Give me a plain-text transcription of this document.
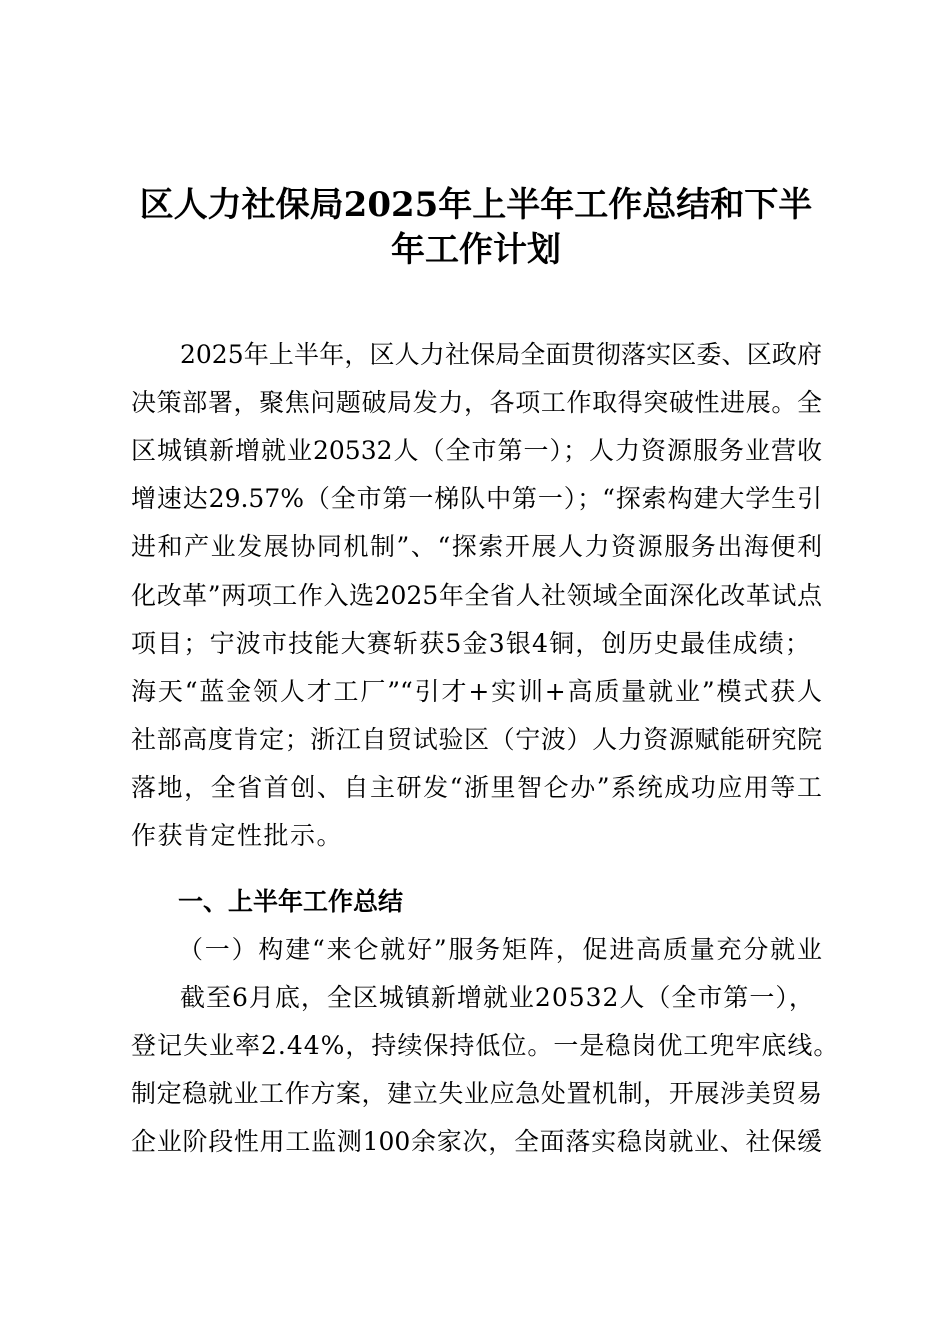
区人力社保局2025年上半年工作总结和下半
年工作计划
2025年上半年，区人力社保局全面贯彻落实区委、区政府
决策部署，聚焦问题破局发力，各项工作取得突破性进展。全
区城镇新增就业20532人（全市第一）；人力资源服务业营收
增速达29.57%（全市第一梯队中第一）；“探索构建大学生引
进和产业发展协同机制”、“探索开展人力资源服务出海便利
化改革”两项工作入选2025年全省人社领域全面深化改革试点
项目；宁波市技能大赛斩获5金3银4铜，创历史最佳成绩；
海天“蓝金领人才工厂”“引才+实训+高质量就业”模式获人
社部高度肯定；浙江自贸试验区（宁波）人力资源赋能研究院
落地，全省首创、自主研发“浙里智仑办”系统成功应用等工
作获肯定性批示。
一、上半年工作总结
（一）构建“来仑就好”服务矩阵，促进高质量充分就业
截至6月底，全区城镇新增就业20532人（全市第一），
登记失业率2.44%，持续保持低位。一是稳岗优工兜牢底线。
制定稳就业工作方案，建立失业应急处置机制，开展涉美贸易
企业阶段性用工监测100余家次，全面落实稳岗就业、社保缓
